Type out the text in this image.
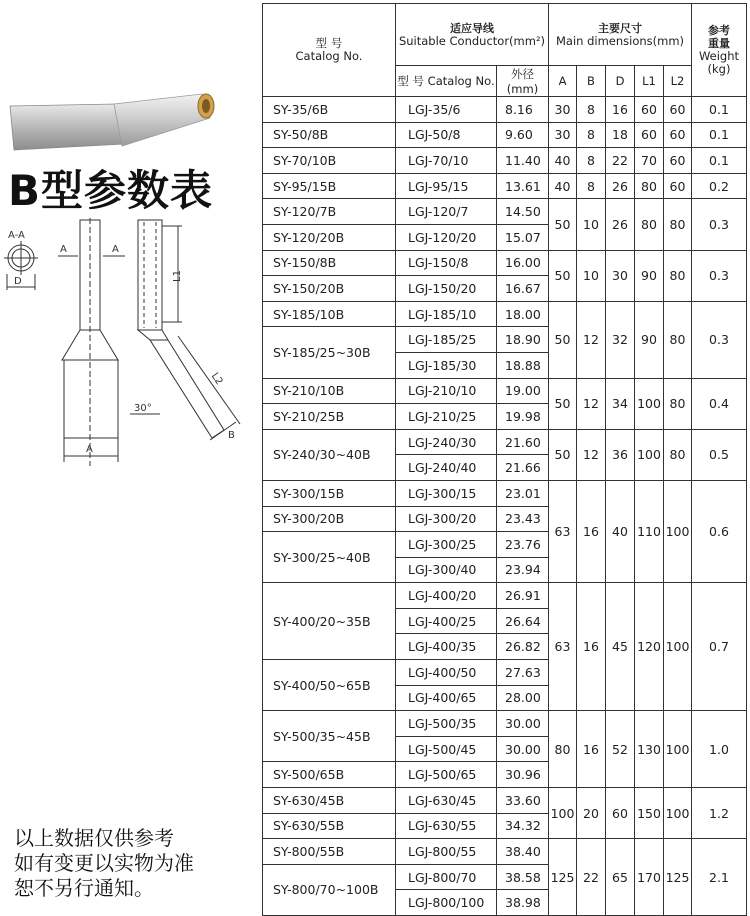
B型参数表
A-A
D
A	A
A
L1
L2
30°
B
以上数据仅供参考
如有变更以实物为准
恕不另行通知。
型 号
Catalog No.	适应导线
Suitable Conductor(mm²)		主要尺寸
Main dimensions(mm)					参考
重量
Weight
(kg)

	型 号 Catalog No.	外径(mm)	A	B	D	L1	L2	
SY-35/6B	LGJ-35/6	8.16	30	8	16	60	60	0.1
SY-50/8B	LGJ-50/8	9.60	30	8	18	60	60	0.1
SY-70/10B	LGJ-70/10	11.40	40	8	22	70	60	0.1
SY-95/15B	LGJ-95/15	13.61	40	8	26	80	60	0.2
SY-120/7B	LGJ-120/7	14.50	50	10	26	80	80	0.3
SY-120/20B	LGJ-120/20	15.07						
SY-150/8B	LGJ-150/8	16.00	50	10	30	90	80	0.3
SY-150/20B	LGJ-150/20	16.67						
SY-185/10B	LGJ-185/10	18.00	50	12	32	90	80	0.3
SY-185/25~30B	LGJ-185/25	18.90						
	LGJ-185/30	18.88						
SY-210/10B	LGJ-210/10	19.00	50	12	34	100	80	0.4
SY-210/25B	LGJ-210/25	19.98						
SY-240/30~40B	LGJ-240/30	21.60	50	12	36	100	80	0.5
	LGJ-240/40	21.66						
SY-300/15B	LGJ-300/15	23.01	63	16	40	110	100	0.6
SY-300/20B	LGJ-300/20	23.43						
SY-300/25~40B	LGJ-300/25	23.76						
	LGJ-300/40	23.94						
SY-400/20~35B	LGJ-400/20	26.91	63	16	45	120	100	0.7
	LGJ-400/25	26.64						
	LGJ-400/35	26.82						
SY-400/50~65B	LGJ-400/50	27.63						
	LGJ-400/65	28.00						
SY-500/35~45B	LGJ-500/35	30.00	80	16	52	130	100	1.0
	LGJ-500/45	30.00						
SY-500/65B	LGJ-500/65	30.96						
SY-630/45B	LGJ-630/45	33.60	100	20	60	150	100	1.2
SY-630/55B	LGJ-630/55	34.32						
SY-800/55B	LGJ-800/55	38.40	125	22	65	170	125	2.1
SY-800/70~100B	LGJ-800/70	38.58						
	LGJ-800/100	38.98						
